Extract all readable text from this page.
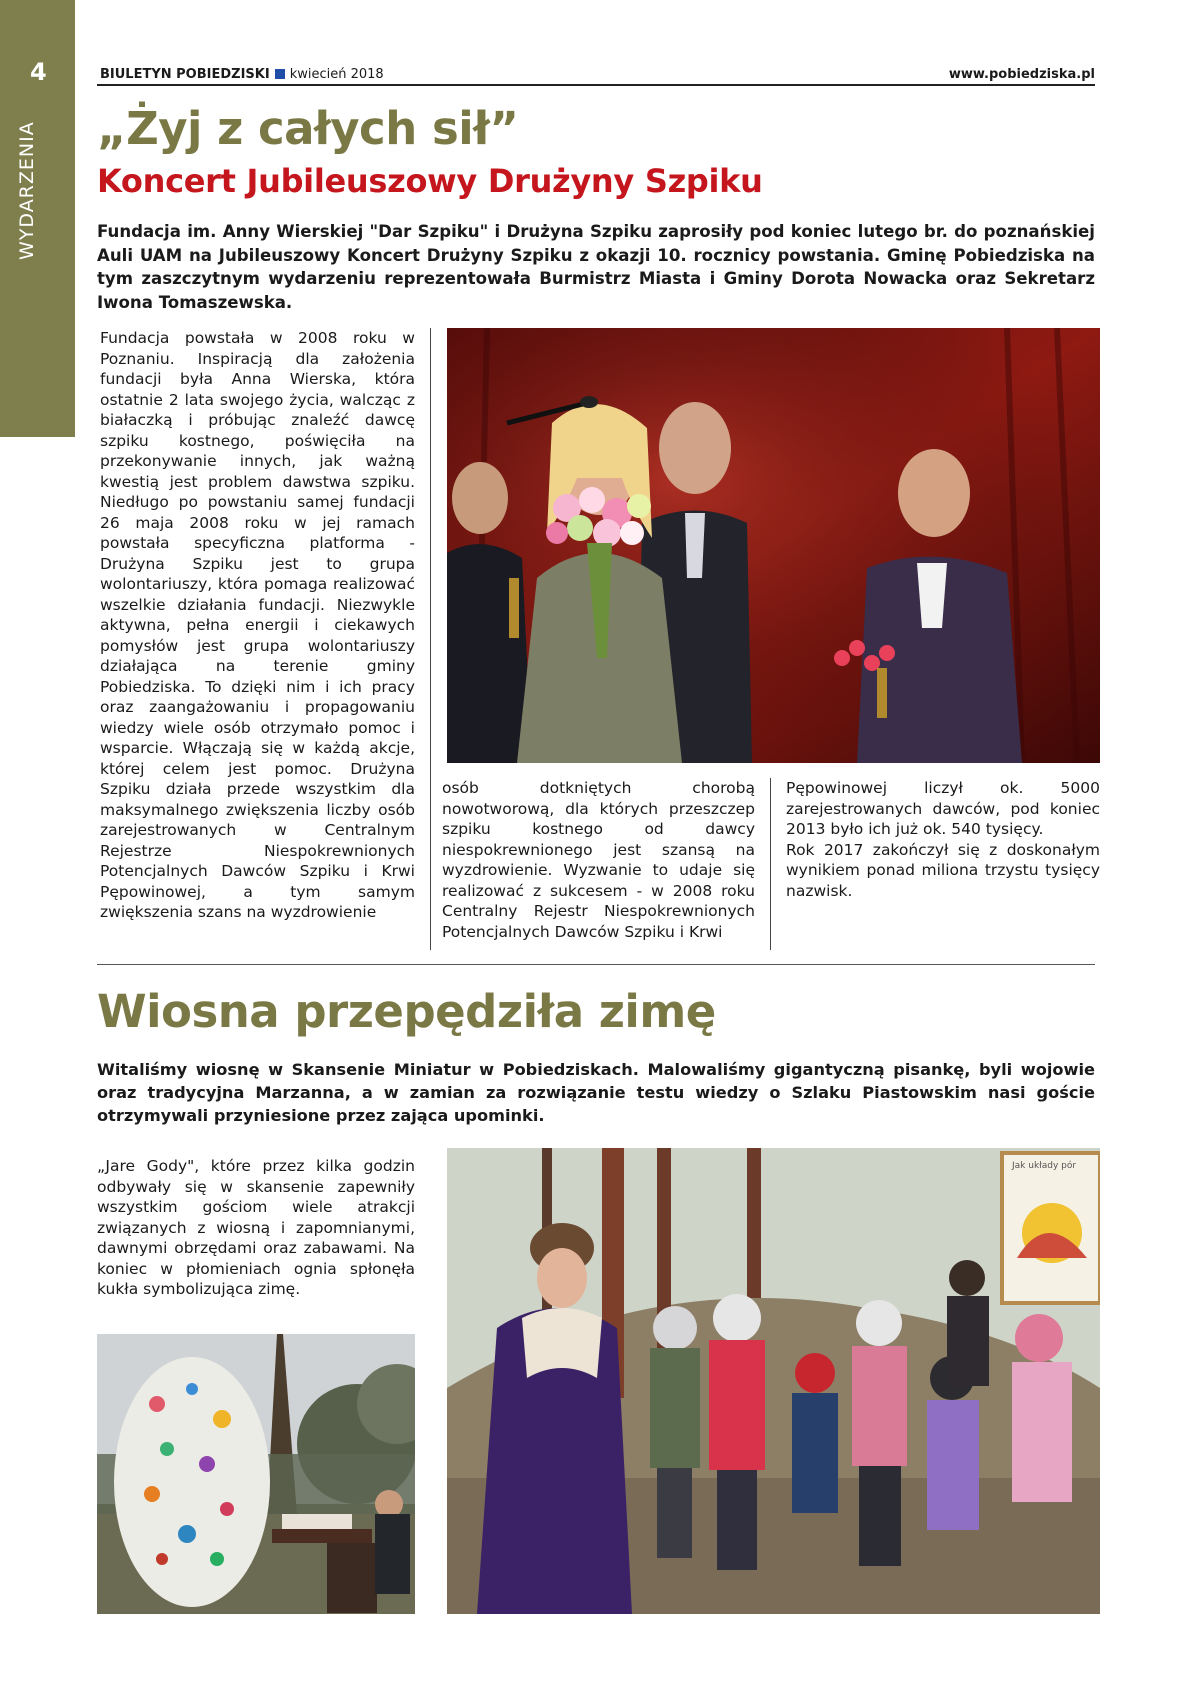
4
WYDARZENIA
BIULETYN POBIEDZISKI kwiecień 2018	www.pobiedziska.pl
„Żyj z całych sił”
Koncert Jubileuszowy Drużyny Szpiku
Fundacja im. Anny Wierskiej "Dar Szpiku" i Drużyna Szpiku zaprosiły pod koniec lutego br. do poznańskiej Auli UAM na Jubileuszowy Koncert Drużyny Szpiku z okazji 10. rocznicy powstania. Gminę Pobiedziska na tym zaszczytnym wydarzeniu reprezentowała Burmistrz Miasta i Gminy Dorota Nowacka oraz Sekretarz Iwona Tomaszewska.
Fundacja powstała w 2008 roku w Poznaniu. Inspiracją dla założenia fundacji była Anna Wierska, która ostatnie 2 lata swojego życia, walcząc z białaczką i próbując znaleźć dawcę szpiku kostnego, poświęciła na przekonywanie innych, jak ważną kwestią jest problem dawstwa szpiku. Niedługo po powstaniu samej fundacji 26 maja 2008 roku w jej ramach powstała specyficzna platforma - Drużyna Szpiku jest to grupa wolontariuszy, która pomaga realizować wszelkie działania fundacji. Niezwykle aktywna, pełna energii i ciekawych pomysłów jest grupa wolontariuszy działająca na terenie gminy Pobiedziska. To dzięki nim i ich pracy oraz zaangażowaniu i propagowaniu wiedzy wiele osób otrzymało pomoc i wsparcie. Włączają się w każdą akcje, której celem jest pomoc. Drużyna Szpiku działa przede wszystkim dla maksymalnego zwiększenia liczby osób zarejestrowanych w Centralnym Rejestrze Niespokrewnionych Potencjalnych Dawców Szpiku i Krwi Pępowinowej, a tym samym zwiększenia szans na wyzdrowienie
osób dotkniętych chorobą nowotworową, dla których przeszczep szpiku kostnego od dawcy niespokrewnionego jest szansą na wyzdrowienie. Wyzwanie to udaje się realizować z sukcesem - w 2008 roku Centralny Rejestr Niespokrewnionych Potencjalnych Dawców Szpiku i Krwi
Pępowinowej liczył ok. 5000 zarejestrowanych dawców, pod koniec 2013 było ich już ok. 540 tysięcy.
Rok 2017 zakończył się z doskonałym wynikiem ponad miliona trzystu tysięcy nazwisk.
Wiosna przepędziła zimę
Witaliśmy wiosnę w Skansenie Miniatur w Pobiedziskach. Malowaliśmy gigantyczną pisankę, byli wojowie oraz tradycyjna Marzanna, a w zamian za rozwiązanie testu wiedzy o Szlaku Piastowskim nasi goście otrzymywali przyniesione przez zająca upominki.
„Jare Gody", które przez kilka godzin odbywały się w skansenie zapewniły wszystkim gościom wiele atrakcji związanych z wiosną i zapomnianymi, dawnymi obrzędami oraz zabawami. Na koniec w płomieniach ognia spłonęła kukła symbolizująca zimę.
Jak układy pór
